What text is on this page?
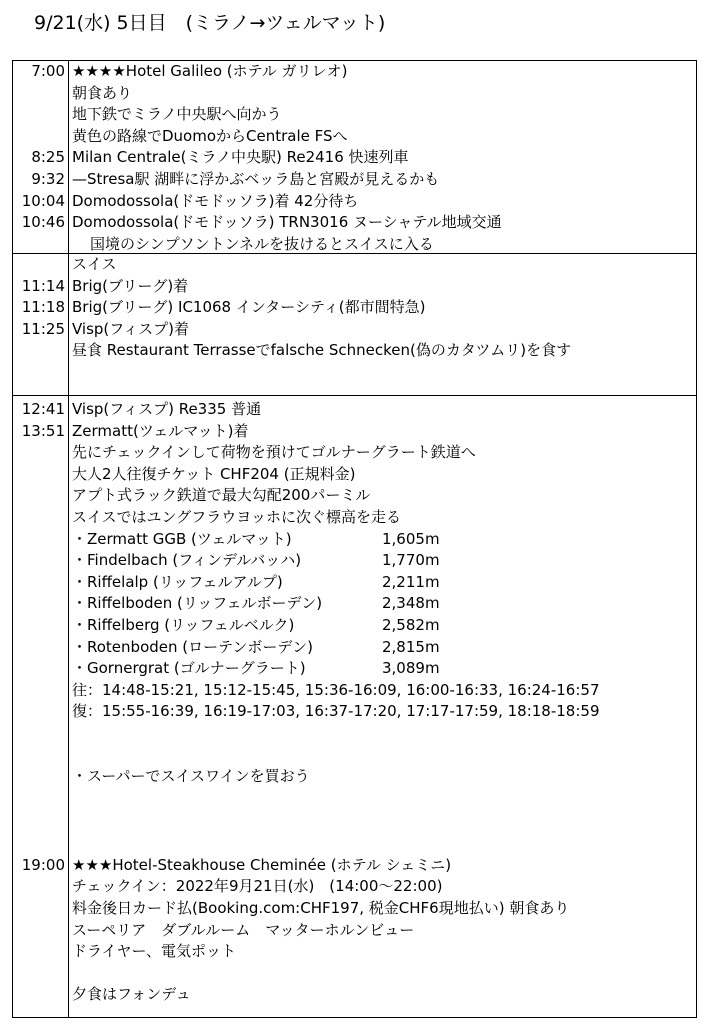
9/21(水) 5日目　(ミラノ→ツェルマット)
7:00 ★★★★Hotel Galileo (ホテル ガリレオ)
朝食あり
地下鉄でミラノ中央駅へ向かう
黄色の路線でDuomoからCentrale FSへ
8:25 Milan Centrale(ミラノ中央駅) Re2416 快速列車
9:32 —Stresa駅 湖畔に浮かぶベッラ島と宮殿が見えるかも
10:04 Domodossola(ドモドッソラ)着 42分待ち
10:46 Domodossola(ドモドッソラ) TRN3016 ヌーシャテル地域交通
国境のシンプソントンネルを抜けるとスイスに入る
スイス
11:14 Brig(ブリーグ)着
11:18 Brig(ブリーグ) IC1068 インターシティ(都市間特急)
11:25 Visp(フィスプ)着
昼食 Restaurant Terrasseでfalsche Schnecken(偽のカタツムリ)を食す
12:41 Visp(フィスプ) Re335 普通
13:51 Zermatt(ツェルマット)着
先にチェックインして荷物を預けてゴルナーグラート鉄道へ
大人2人往復チケット CHF204 (正規料金)
アプト式ラック鉄道で最大勾配200パーミル
スイスではユングフラウヨッホに次ぐ標高を走る
・Zermatt GGB (ツェルマット)	1,605m
・Findelbach (フィンデルバッハ)	1,770m
・Riffelalp (リッフェルアルプ)	2,211m
・Riffelboden (リッフェルボーデン)	2,348m
・Riffelberg (リッフェルベルク)	2,582m
・Rotenboden (ローテンボーデン)	2,815m
・Gornergrat (ゴルナーグラート)	3,089m
往：14:48-15:21, 15:12-15:45, 15:36-16:09, 16:00-16:33, 16:24-16:57
復：15:55-16:39, 16:19-17:03, 16:37-17:20, 17:17-17:59, 18:18-18:59
・スーパーでスイスワインを買おう
19:00 ★★★Hotel-Steakhouse Cheminée (ホテル シェミニ)
チェックイン：2022年9月21日(水)　(14:00～22:00)
料金後日カード払(Booking.com:CHF197, 税金CHF6現地払い) 朝食あり
スーペリア　ダブルルーム　マッターホルンビュー
ドライヤー、電気ポット
夕食はフォンデュ
